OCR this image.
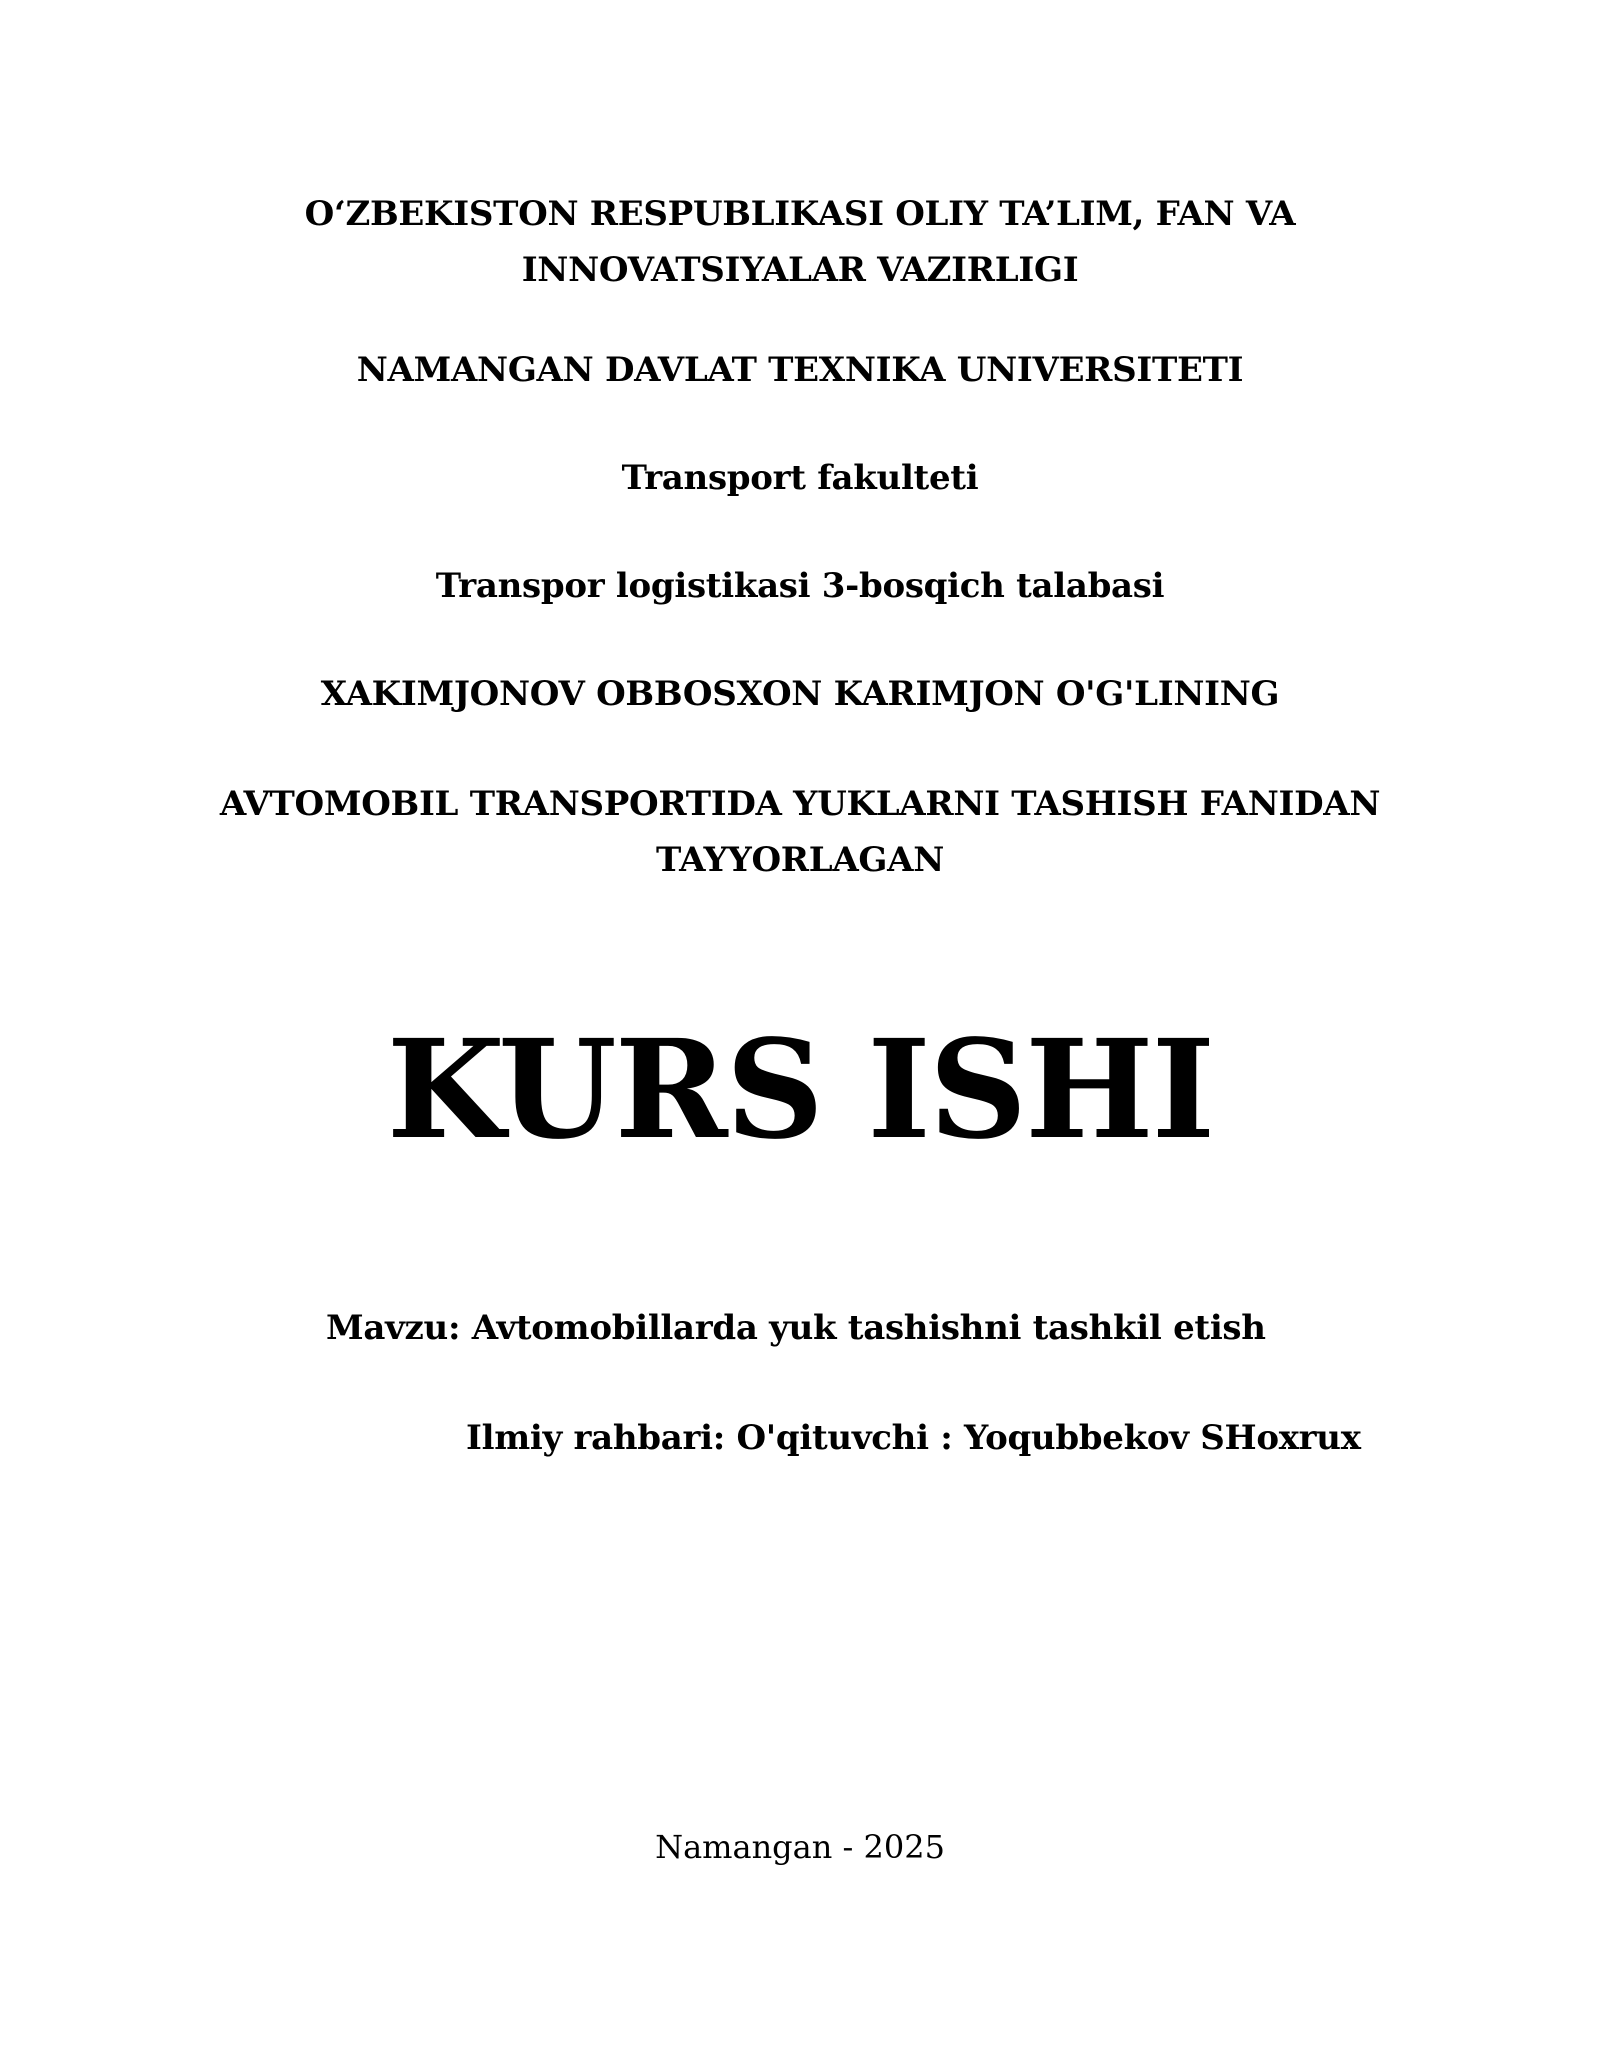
O‘ZBEKISTON RESPUBLIKASI OLIY TA’LIM, FAN VA
INNOVATSIYALAR VAZIRLIGI
NAMANGAN DAVLAT TEXNIKA UNIVERSITETI
Transport fakulteti
Transpor logistikasi 3-bosqich talabasi
XAKIMJONOV OBBOSXON KARIMJON O'G'LINING
AVTOMOBIL TRANSPORTIDA YUKLARNI TASHISH FANIDAN
TAYYORLAGAN
KURS ISHI
Mavzu: Avtomobillarda yuk tashishni tashkil etish
Ilmiy rahbari: O'qituvchi : Yoqubbekov SHoxrux
Namangan - 2025
